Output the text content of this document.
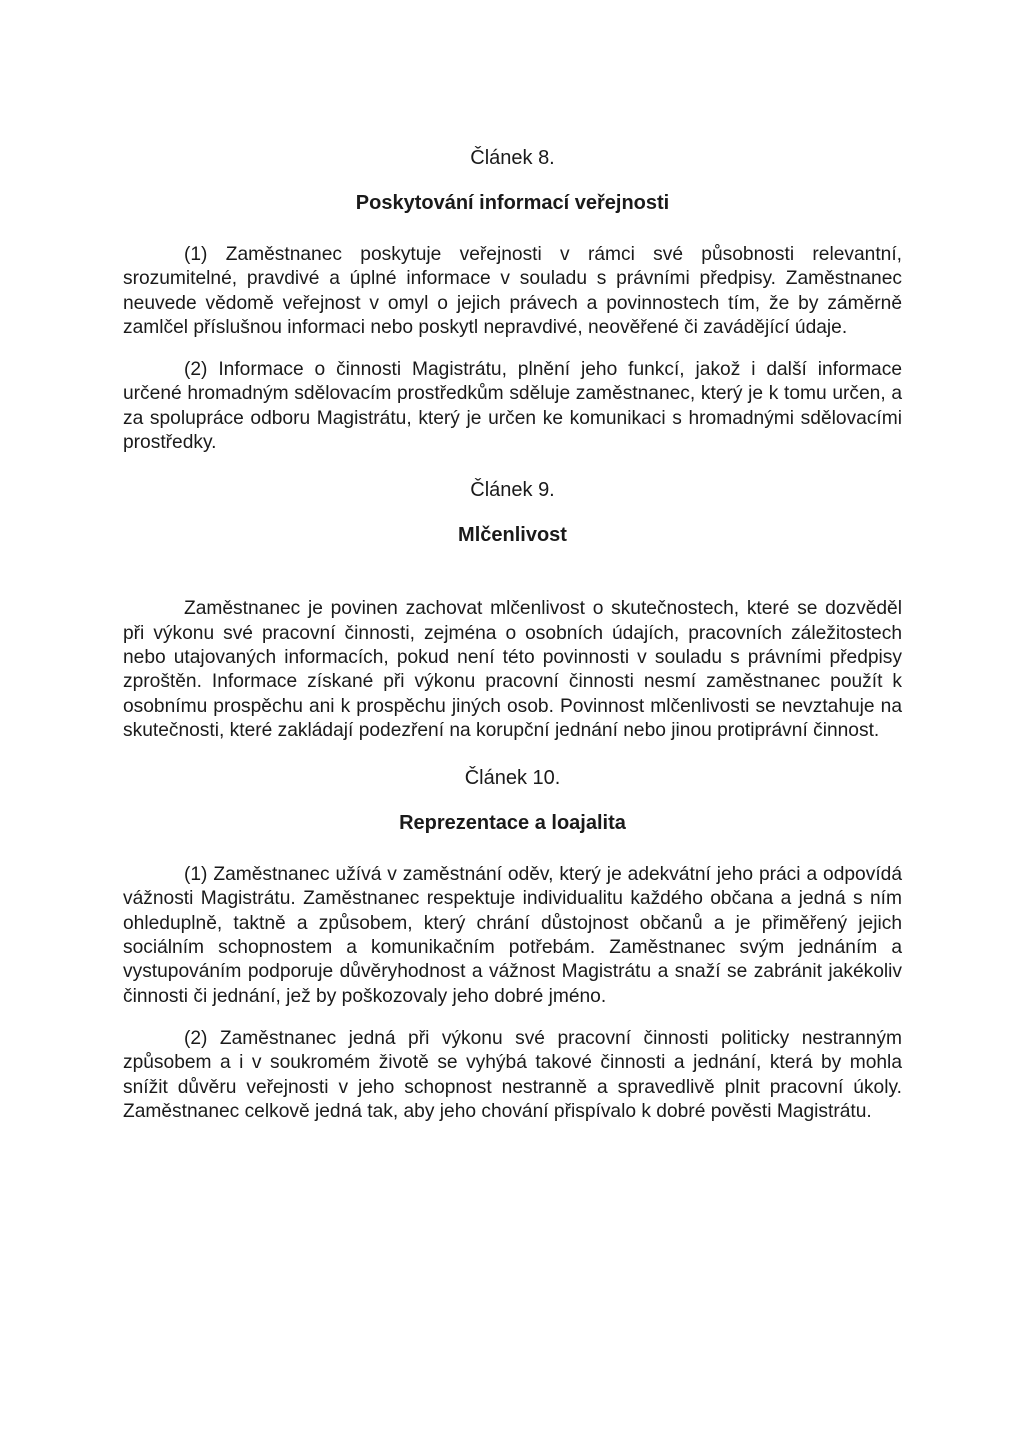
Článek 8.

Poskytování informací veřejnosti

(1) Zaměstnanec poskytuje veřejnosti v rámci své působnosti relevantní, srozumitelné, pravdivé a úplné informace v souladu s právními předpisy. Zaměstnanec neuvede vědomě veřejnost v omyl o jejich právech a povinnostech tím, že by záměrně zamlčel příslušnou informaci nebo poskytl nepravdivé, neověřené či zavádějící údaje.

(2) Informace o činnosti Magistrátu, plnění jeho funkcí, jakož i další informace určené hromadným sdělovacím prostředkům sděluje zaměstnanec, který je k tomu určen, a za spolupráce odboru Magistrátu, který je určen ke komunikaci s hromadnými sdělovacími prostředky.

Článek 9.

Mlčenlivost

Zaměstnanec je povinen zachovat mlčenlivost o skutečnostech, které se dozvěděl při výkonu své pracovní činnosti, zejména o osobních údajích, pracovních záležitostech nebo utajovaných informacích, pokud není této povinnosti v souladu s právními předpisy zproštěn. Informace získané při výkonu pracovní činnosti nesmí zaměstnanec použít k osobnímu prospěchu ani k prospěchu jiných osob. Povinnost mlčenlivosti se nevztahuje na skutečnosti, které zakládají podezření na korupční jednání nebo jinou protiprávní činnost.

Článek 10.

Reprezentace a loajalita

(1) Zaměstnanec užívá v zaměstnání oděv, který je adekvátní jeho práci a odpovídá vážnosti Magistrátu. Zaměstnanec respektuje individualitu každého občana a jedná s ním ohleduplně, taktně a způsobem, který chrání důstojnost občanů a je přiměřený jejich sociálním schopnostem a komunikačním potřebám. Zaměstnanec svým jednáním a vystupováním podporuje důvěryhodnost a vážnost Magistrátu a snaží se zabránit jakékoliv činnosti či jednání, jež by poškozovaly jeho dobré jméno.

(2) Zaměstnanec jedná při výkonu své pracovní činnosti politicky nestranným způsobem a i v soukromém životě se vyhýbá takové činnosti a jednání, která by mohla snížit důvěru veřejnosti v jeho schopnost nestranně a spravedlivě plnit pracovní úkoly. Zaměstnanec celkově jedná tak, aby jeho chování přispívalo k dobré pověsti Magistrátu.
